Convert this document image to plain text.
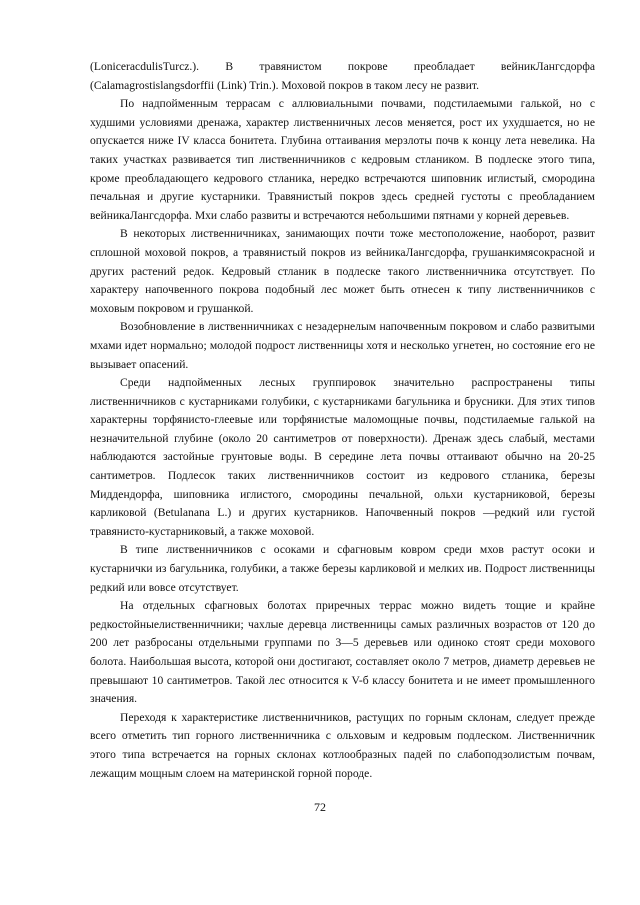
(LonicеracdulisTurcz.). В травянистом покрове преобладает вейникЛангсдорфа (Calamagrostislangsdorffii (Link) Trin.). Моховой покров в таком лесу не развит.

По надпойменным террасам с аллювиальными почвами, подстилаемыми галькой, но с худшими условиями дренажа, характер лиственничных лесов меняется, рост их ухудшается, но не опускается ниже IV класса бонитета. Глубина оттаивания мерзлоты почв к концу лета невелика. На таких участках развивается тип лиственничников с кедровым стлаником. В подлеске этого типа, кроме преобладающего кедрового стланика, нередко встречаются шиповник иглистый, смородина печальная и другие кустарники. Травянистый покров здесь средней густоты с преобладанием вейникаЛангсдорфа. Мхи слабо развиты и встречаются небольшими пятнами у корней деревьев.

В некоторых лиственничниках, занимающих почти тоже местоположение, наоборот, развит сплошной моховой покров, а травянистый покров из вейникаЛангсдорфа, грушанкимясокрасной и других растений редок. Кедровый стланик в подлеске такого лиственничника отсутствует. По характеру напочвенного покрова подобный лес может быть отнесен к типу лиственничников с моховым покровом и грушанкой.

Возобновление в лиственничниках с незадернелым напочвенным покровом и слабо развитыми мхами идет нормально; молодой подрост лиственницы хотя и несколько угнетен, но состояние его не вызывает опасений.

Среди надпойменных лесных группировок значительно распространены типы лиственничников с кустарниками голубики, с кустарниками багульника и брусники. Для этих типов характерны торфянисто-глеевые или торфянистые маломощные почвы, подстилаемые галькой на незначительной глубине (около 20 сантиметров от поверхности). Дренаж здесь слабый, местами наблюдаются застойные грунтовые воды. В середине лета почвы оттаивают обычно на 20-25 сантиметров. Подлесок таких лиственничников состоит из кедрового стланика, березы Миддендорфа, шиповника иглистого, смородины печальной, ольхи кустарниковой, березы карликовой (Betulanana L.) и других кустарников. Напочвенный покров —редкий или густой травянисто-кустарниковый, а также моховой.

В типе лиственничников с осоками и сфагновым ковром среди мхов растут осоки и кустарнички из багульника, голубики, а также березы карликовой и мелких ив. Подрост лиственницы редкий или вовсе отсутствует.

На отдельных сфагновых болотах приречных террас можно видеть тощие и крайне редкостойныелиственничники; чахлые деревца лиственницы самых различных возрастов от 120 до 200 лет разбросаны отдельными группами по 3—5 деревьев или одиноко стоят среди мохового болота. Наибольшая высота, которой они достигают, составляет около 7 метров, диаметр деревьев не превышают 10 сантиметров. Такой лес относится к V-б классу бонитета и не имеет промышленного значения.

Переходя к характеристике лиственничников, растущих по горным склонам, следует прежде всего отметить тип горного лиственничника с ольховым и кедровым подлеском. Лиственничник этого типа встречается на горных склонах котлообразных падей по слабоподзолистым почвам, лежащим мощным слоем на материнской горной породе.

72
